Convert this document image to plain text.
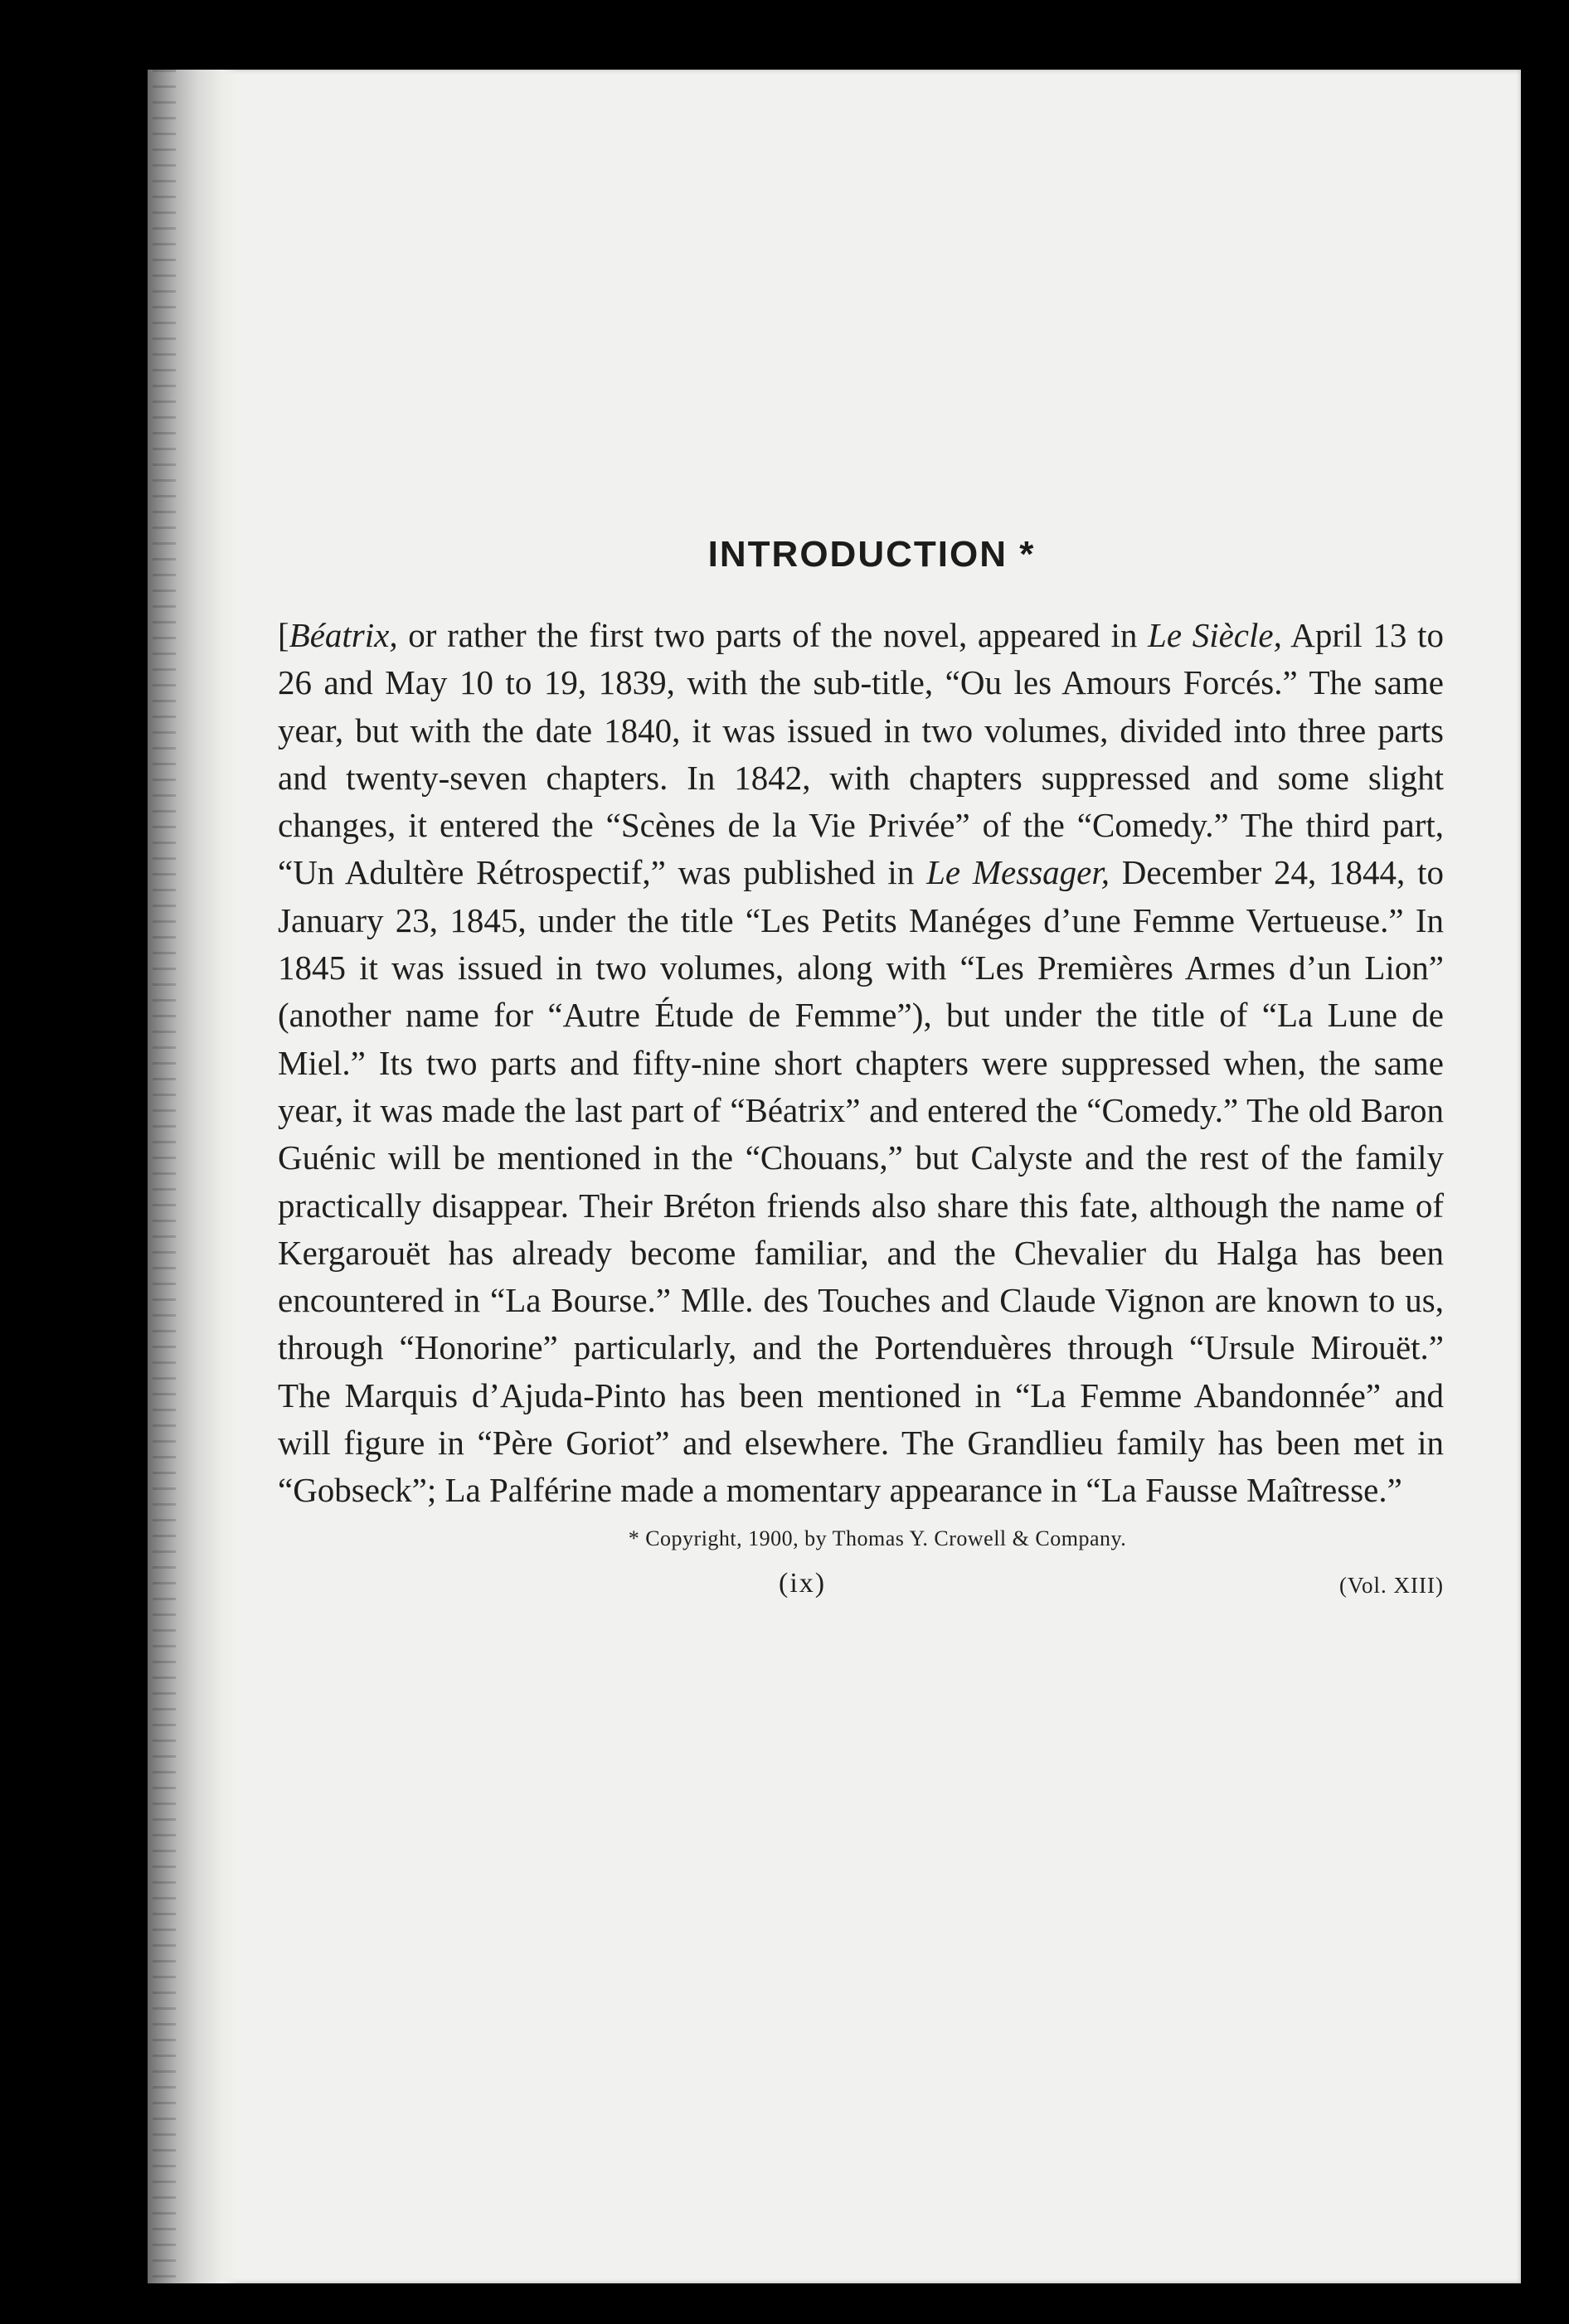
INTRODUCTION *

[Béatrix, or rather the first two parts of the novel, appeared in Le Siècle, April 13 to 26 and May 10 to 19, 1839, with the sub-title, “Ou les Amours Forcés.” The same year, but with the date 1840, it was issued in two volumes, divided into three parts and twenty-seven chapters. In 1842, with chapters suppressed and some slight changes, it entered the “Scènes de la Vie Privée” of the “Comedy.” The third part, “Un Adultère Rétrospectif,” was published in Le Messager, December 24, 1844, to January 23, 1845, under the title “Les Petits Manéges d’une Femme Vertueuse.” In 1845 it was issued in two volumes, along with “Les Premières Armes d’un Lion” (another name for “Autre Étude de Femme”), but under the title of “La Lune de Miel.” Its two parts and fifty-nine short chapters were suppressed when, the same year, it was made the last part of “Béatrix” and entered the “Comedy.” The old Baron Guénic will be mentioned in the “Chouans,” but Calyste and the rest of the family practically disappear. Their Bréton friends also share this fate, although the name of Kergarouët has already become familiar, and the Chevalier du Halga has been encountered in “La Bourse.” Mlle. des Touches and Claude Vignon are known to us, through “Honorine” particularly, and the Portenduères through “Ursule Mirouët.” The Marquis d’Ajuda-Pinto has been mentioned in “La Femme Abandonnée” and will figure in “Père Goriot” and elsewhere. The Grandlieu family has been met in “Gobseck”; La Palférine made a momentary appearance in “La Fausse Maîtresse.”

* Copyright, 1900, by Thomas Y. Crowell & Company.
(ix)	(Vol. XIII)
